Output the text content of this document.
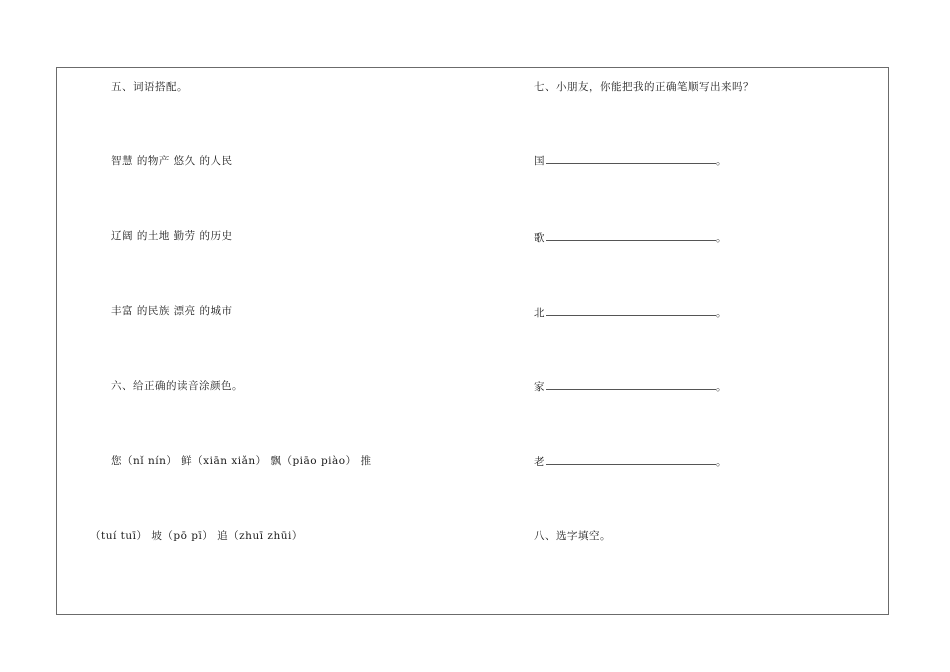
五、词语搭配。
智慧 的物产 悠久 的人民
辽阔 的土地 勤劳 的历史
丰富 的民族 漂亮 的城市
六、给正确的读音涂颜色。
您（nǐ nín） 鲜（xiān xiǎn） 飘（piāo piào） 推
（tuí tuī） 坡（pō pī） 追（zhuī zhūi）
七、小朋友，你能把我的正确笔顺写出来吗？
国	。
歌	。
北	。
家	。
老	。
八、选字填空。
